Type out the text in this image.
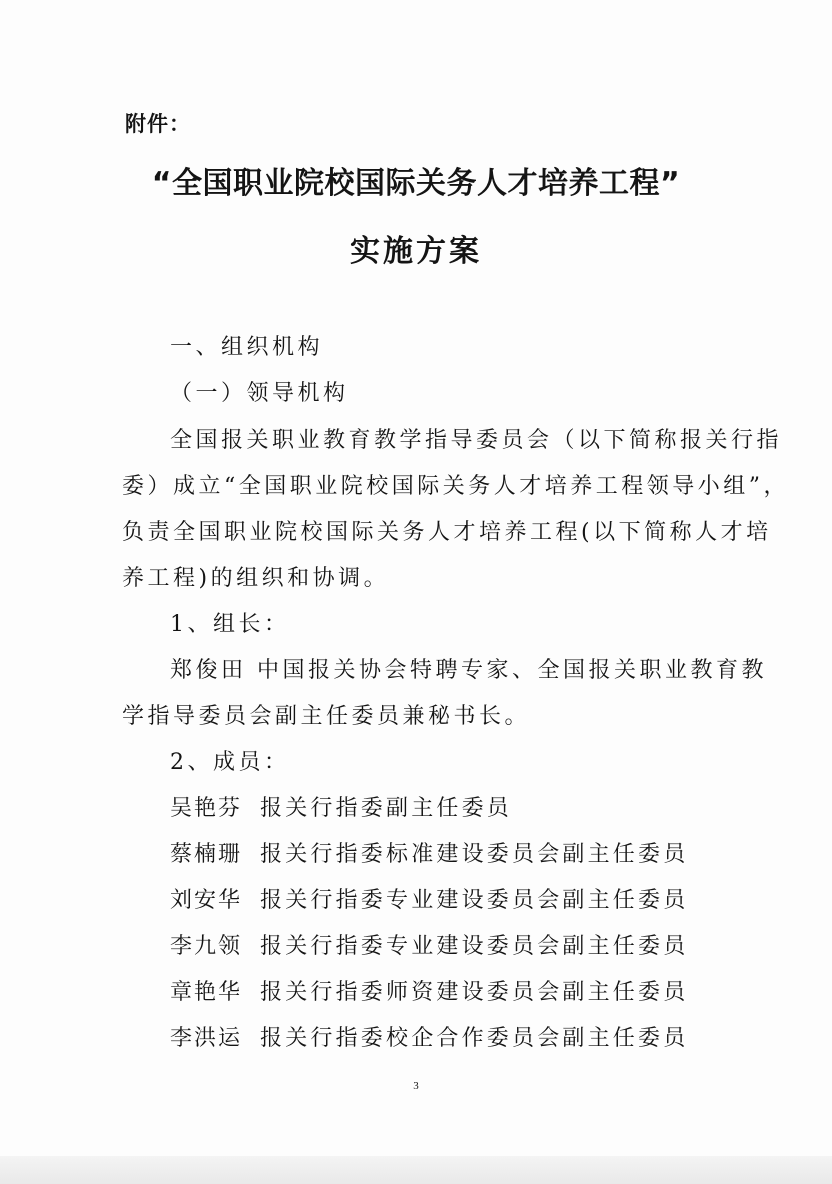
附件：
“全国职业院校国际关务人才培养工程”
实施方案
一、组织机构
（一）领导机构
全国报关职业教育教学指导委员会（以下简称报关行指
委）成立“全国职业院校国际关务人才培养工程领导小组”，
负责全国职业院校国际关务人才培养工程(以下简称人才培
养工程)的组织和协调。
1、组长：
郑俊田 中国报关协会特聘专家、全国报关职业教育教
学指导委员会副主任委员兼秘书长。
2、成员：
吴艳芬 报关行指委副主任委员
蔡楠珊 报关行指委标准建设委员会副主任委员
刘安华 报关行指委专业建设委员会副主任委员
李九领 报关行指委专业建设委员会副主任委员
章艳华 报关行指委师资建设委员会副主任委员
李洪运 报关行指委校企合作委员会副主任委员
3
